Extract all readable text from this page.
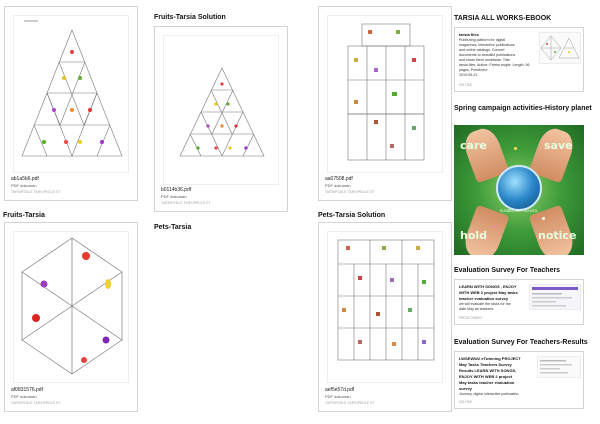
Fruits-Tarsia Solution
Fruits-Tarsia
Pets-Tarsia
Pets-Tarsia Solution
ab1a5b6.pdf
PDF dokuman
TARSIPEDLE TARSIPEDLE ET	b0114b36.pdf
PDF dokuman
TARSIPEDLE TARSIPEDLE ET
aa07508.pdf
PDF dokuman
TARSIPEDLE TARSIPEDLE ET
af0831576.pdf
PDF dokuman
TARSIPEDLE TARSIPEDLE ET
aef5e57d.pdf
PDF dokuman
TARSIPEDLE TARSIPEDLE ET
TARSIA ALL WORKS-EBOOK
tarsia files
Publishing platform for digital
magazines, interactive publications
and online catalogs. Convert
documents to beautiful publications
and share them worldwide. Title:
tarsia files, Author: Fatma mujde, Length: 56 pages, Published:
2019-05-21
CELTIKE
Spring campaign activities-History planet
care	save
hold	notice
ELEMENTARY SCHOOL
Evaluation Survey For Teachers
LEARN WITH SONGS , ENJOY
WITH WEB 2 project May tasks
teacher evaluation survey
we will evaluate the tasks for the
date May as teachers
PROJE DOSEG
Evaluation Survey For Teachers-Results
LWSEWW2 eTwinning PROJECT
May Tasks Teachers Survey
Results LEARN WITH SONGS,
ENJOY WITH WEB 2 project
May tasks teacher evaluation
survey
Journey, digital interactive publication
CELTIKE
